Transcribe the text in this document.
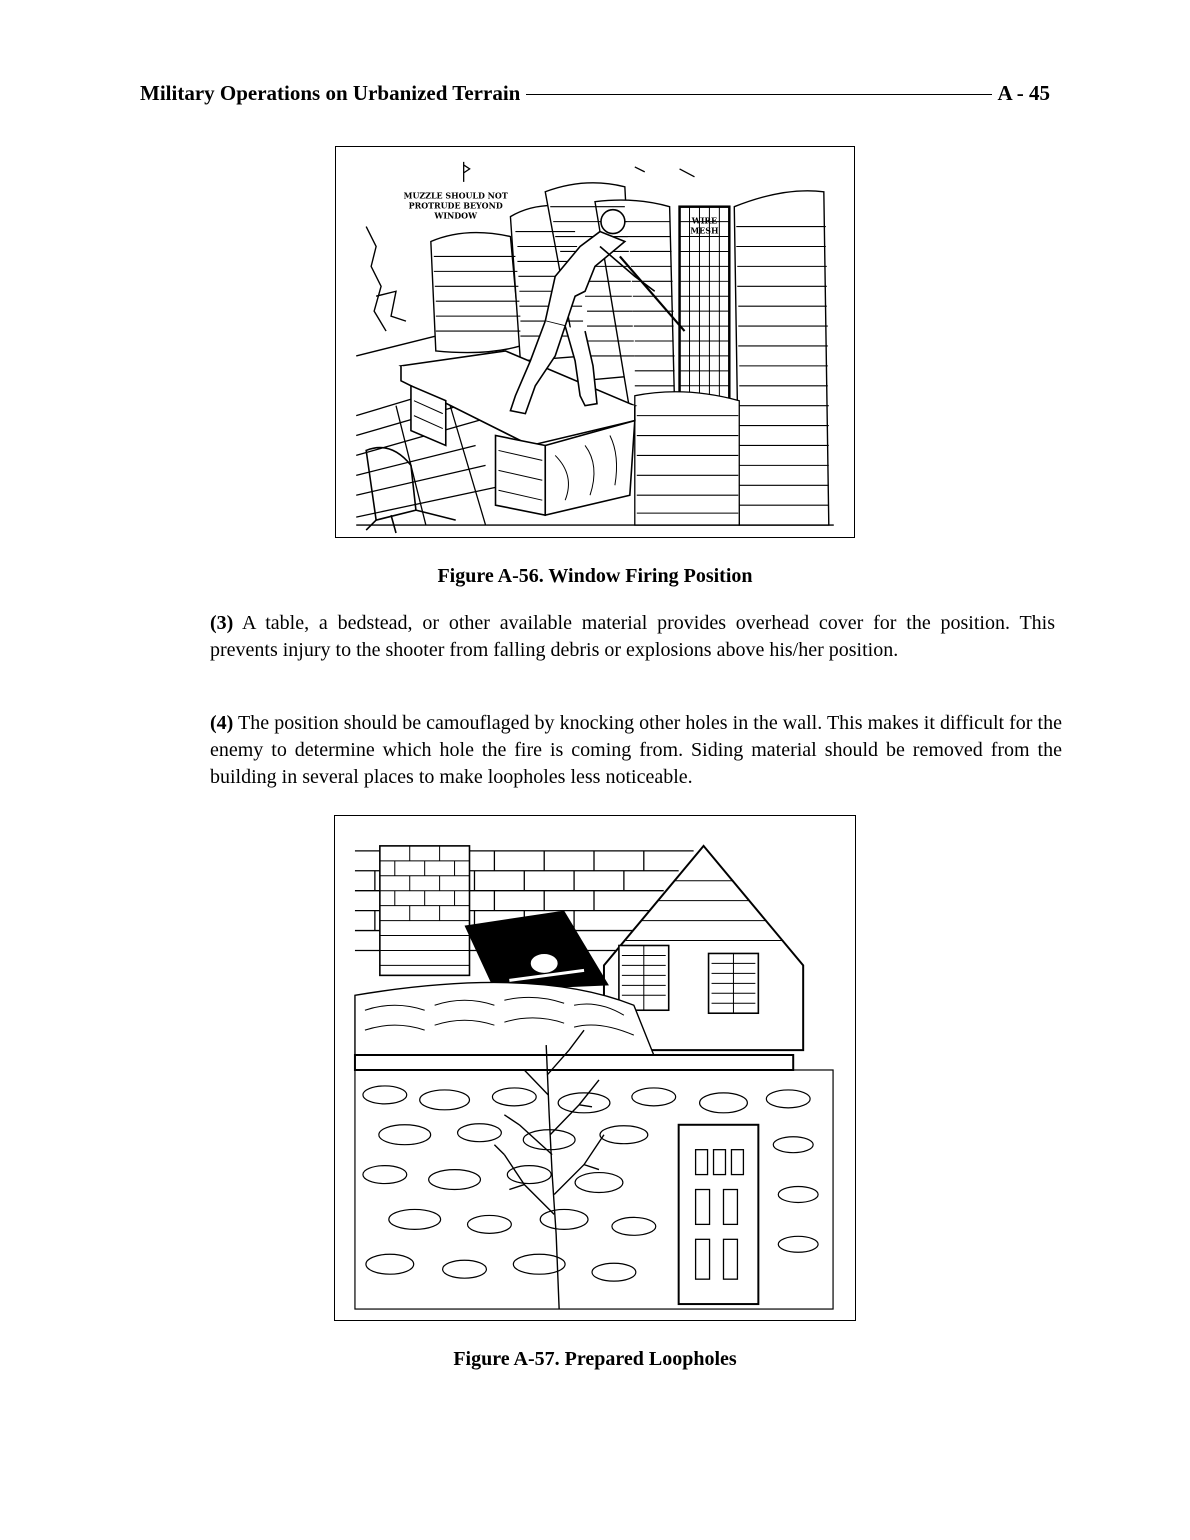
Military Operations on Urbanized Terrain	A - 45
MUZZLE SHOULD NOT
PROTRUDE BEYOND
WINDOW
WIRE
MESH
Figure A-56. Window Firing Position
(3) A table, a bedstead, or other available material provides overhead cover for the position. This prevents injury to the shooter from falling debris or explosions above his/her position.
(4) The position should be camouflaged by knocking other holes in the wall. This makes it difficult for the enemy to determine which hole the fire is coming from. Siding material should be removed from the building in several places to make loopholes less noticeable.
Figure A-57. Prepared Loopholes
